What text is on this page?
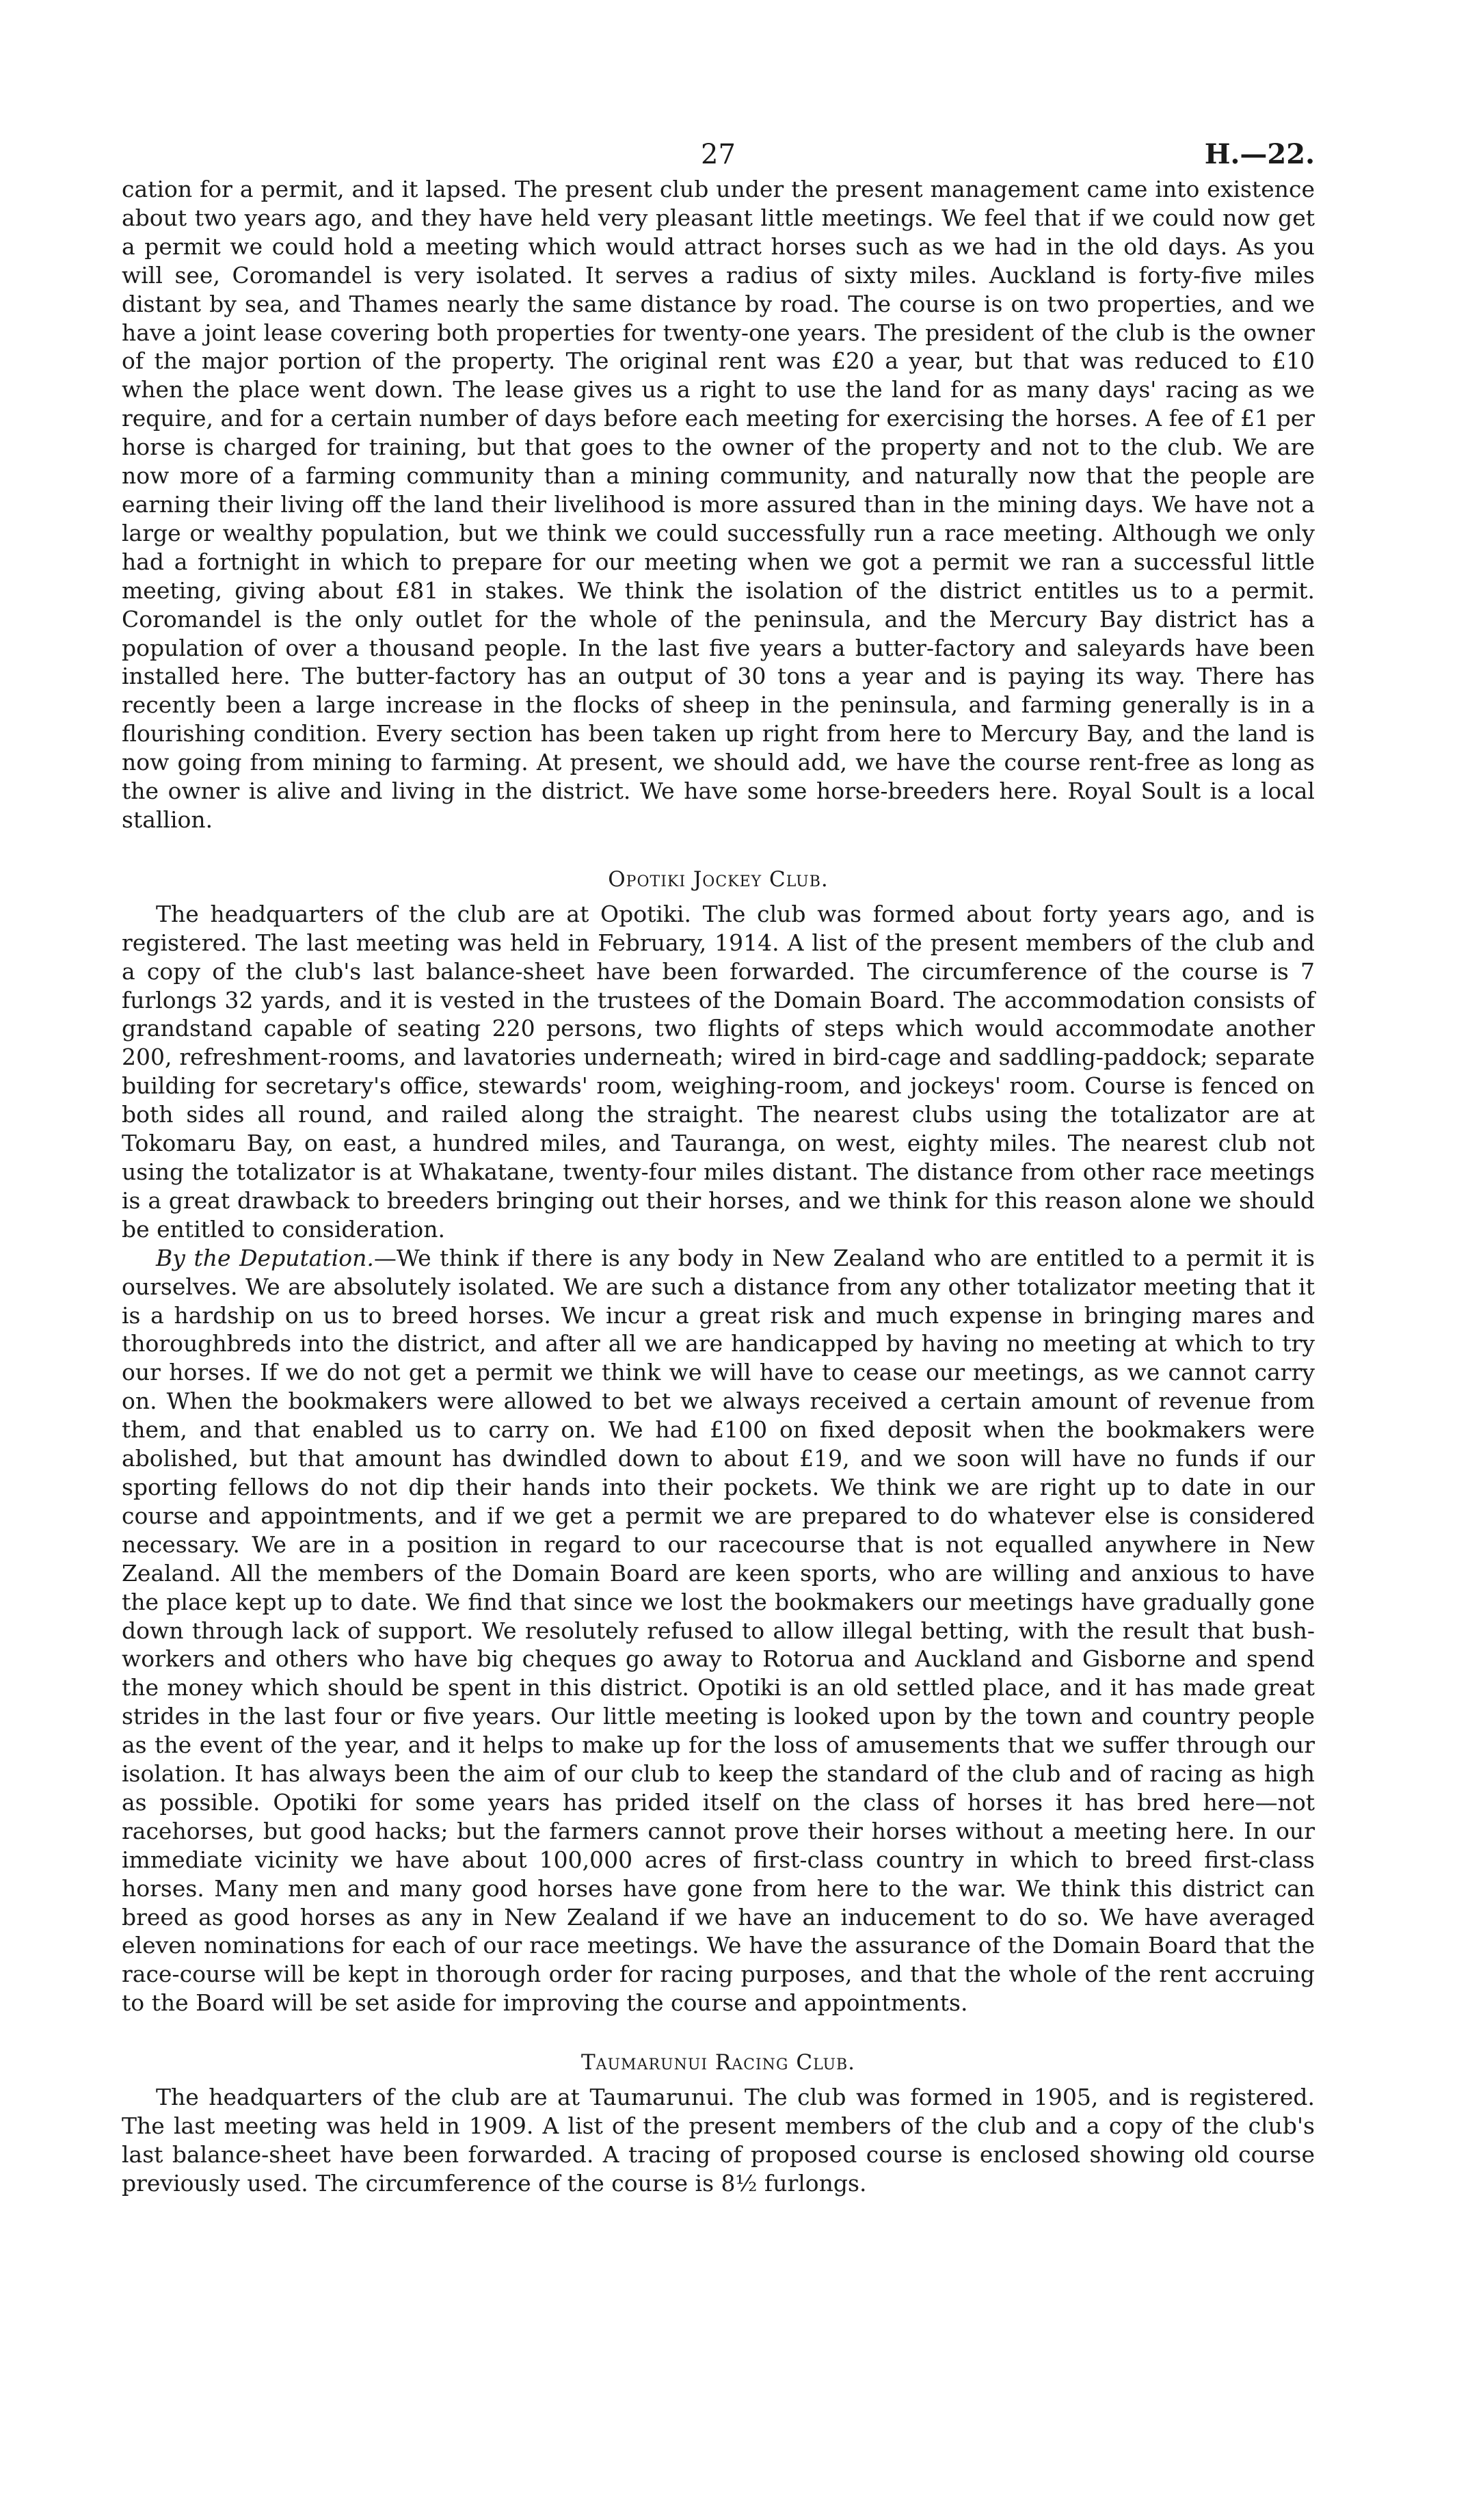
27	H.—22.

cation for a permit, and it lapsed. The present club under the present management came into existence about two years ago, and they have held very pleasant little meetings. We feel that if we could now get a permit we could hold a meeting which would attract horses such as we had in the old days. As you will see, Coromandel is very isolated. It serves a radius of sixty miles. Auckland is forty-five miles distant by sea, and Thames nearly the same distance by road. The course is on two properties, and we have a joint lease covering both properties for twenty-one years. The president of the club is the owner of the major portion of the property. The original rent was £20 a year, but that was reduced to £10 when the place went down. The lease gives us a right to use the land for as many days' racing as we require, and for a certain number of days before each meeting for exercising the horses. A fee of £1 per horse is charged for training, but that goes to the owner of the property and not to the club. We are now more of a farming community than a mining community, and naturally now that the people are earning their living off the land their livelihood is more assured than in the mining days. We have not a large or wealthy population, but we think we could successfully run a race meeting. Although we only had a fortnight in which to prepare for our meeting when we got a permit we ran a successful little meeting, giving about £81 in stakes. We think the isolation of the district entitles us to a permit. Coromandel is the only outlet for the whole of the peninsula, and the Mercury Bay district has a population of over a thousand people. In the last five years a butter-factory and saleyards have been installed here. The butter-factory has an output of 30 tons a year and is paying its way. There has recently been a large increase in the flocks of sheep in the peninsula, and farming generally is in a flourishing condition. Every section has been taken up right from here to Mercury Bay, and the land is now going from mining to farming. At present, we should add, we have the course rent-free as long as the owner is alive and living in the district. We have some horse-breeders here. Royal Soult is a local stallion.

Opotiki Jockey Club.

The headquarters of the club are at Opotiki. The club was formed about forty years ago, and is registered. The last meeting was held in February, 1914. A list of the present members of the club and a copy of the club's last balance-sheet have been forwarded. The circumference of the course is 7 furlongs 32 yards, and it is vested in the trustees of the Domain Board. The accommodation consists of grandstand capable of seating 220 persons, two flights of steps which would accommodate another 200, refreshment-rooms, and lavatories underneath; wired in bird-cage and saddling-paddock; separate building for secretary's office, stewards' room, weighing-room, and jockeys' room. Course is fenced on both sides all round, and railed along the straight. The nearest clubs using the totalizator are at Tokomaru Bay, on east, a hundred miles, and Tauranga, on west, eighty miles. The nearest club not using the totalizator is at Whakatane, twenty-four miles distant. The distance from other race meetings is a great drawback to breeders bringing out their horses, and we think for this reason alone we should be entitled to consideration.

By the Deputation.—We think if there is any body in New Zealand who are entitled to a permit it is ourselves. We are absolutely isolated. We are such a distance from any other totalizator meeting that it is a hardship on us to breed horses. We incur a great risk and much expense in bringing mares and thoroughbreds into the district, and after all we are handicapped by having no meeting at which to try our horses. If we do not get a permit we think we will have to cease our meetings, as we cannot carry on. When the bookmakers were allowed to bet we always received a certain amount of revenue from them, and that enabled us to carry on. We had £100 on fixed deposit when the bookmakers were abolished, but that amount has dwindled down to about £19, and we soon will have no funds if our sporting fellows do not dip their hands into their pockets. We think we are right up to date in our course and appointments, and if we get a permit we are prepared to do whatever else is considered necessary. We are in a position in regard to our racecourse that is not equalled anywhere in New Zealand. All the members of the Domain Board are keen sports, who are willing and anxious to have the place kept up to date. We find that since we lost the bookmakers our meetings have gradually gone down through lack of support. We resolutely refused to allow illegal betting, with the result that bush-workers and others who have big cheques go away to Rotorua and Auckland and Gisborne and spend the money which should be spent in this district. Opotiki is an old settled place, and it has made great strides in the last four or five years. Our little meeting is looked upon by the town and country people as the event of the year, and it helps to make up for the loss of amusements that we suffer through our isolation. It has always been the aim of our club to keep the standard of the club and of racing as high as possible. Opotiki for some years has prided itself on the class of horses it has bred here—not racehorses, but good hacks; but the farmers cannot prove their horses without a meeting here. In our immediate vicinity we have about 100,000 acres of first-class country in which to breed first-class horses. Many men and many good horses have gone from here to the war. We think this district can breed as good horses as any in New Zealand if we have an inducement to do so. We have averaged eleven nominations for each of our race meetings. We have the assurance of the Domain Board that the race-course will be kept in thorough order for racing purposes, and that the whole of the rent accruing to the Board will be set aside for improving the course and appointments.

Taumarunui Racing Club.

The headquarters of the club are at Taumarunui. The club was formed in 1905, and is registered. The last meeting was held in 1909. A list of the present members of the club and a copy of the club's last balance-sheet have been forwarded. A tracing of proposed course is enclosed showing old course previously used. The circumference of the course is 8½ furlongs.
